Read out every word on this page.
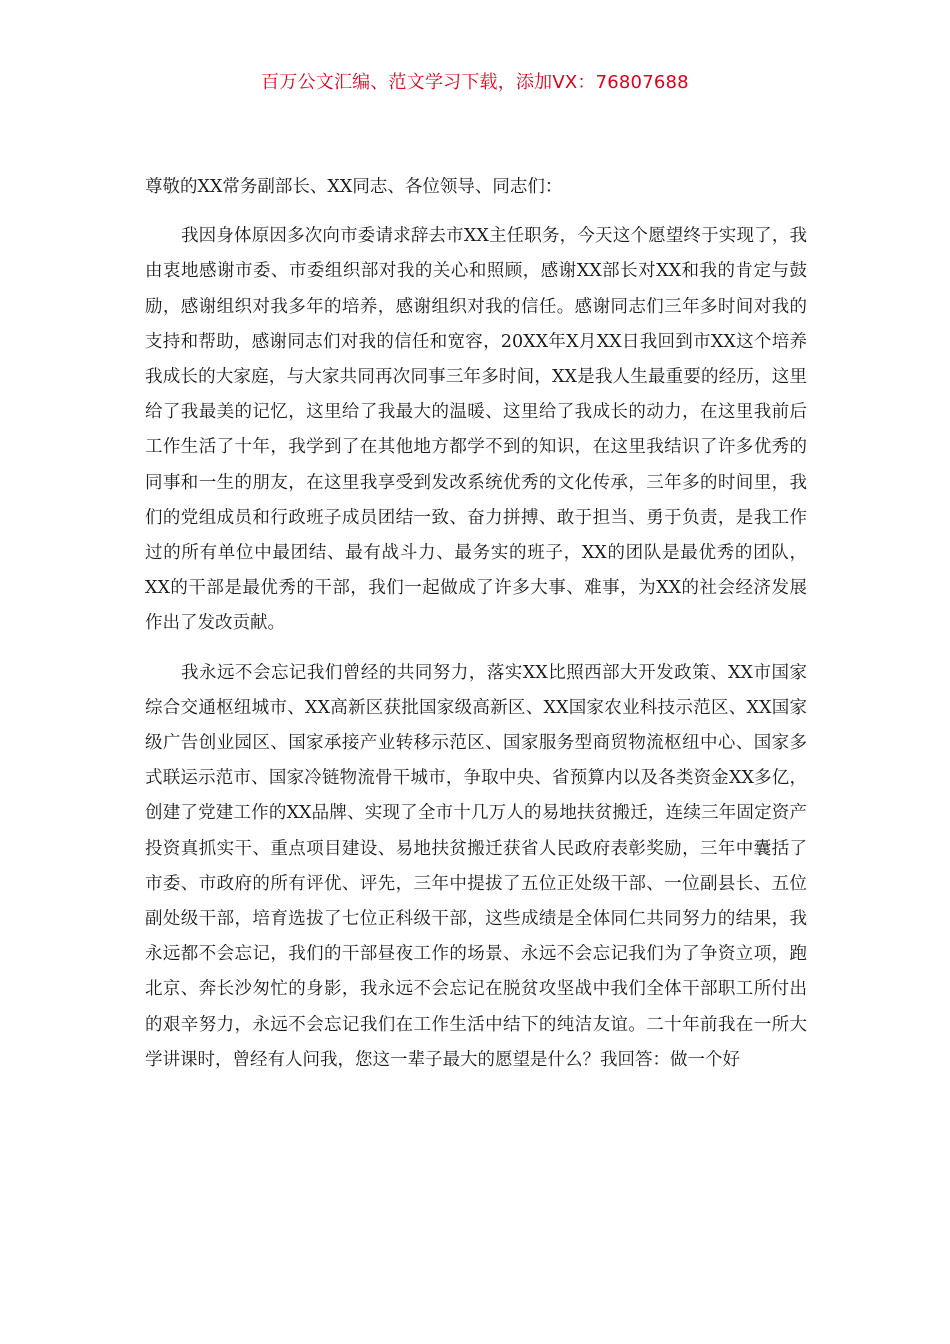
百万公文汇编、范文学习下载，添加VX：76807688

尊敬的XX常务副部长、XX同志、各位领导、同志们：

我因身体原因多次向市委请求辞去市XX主任职务，今天这个愿望终于实现了，我由衷地感谢市委、市委组织部对我的关心和照顾，感谢XX部长对XX和我的肯定与鼓励，感谢组织对我多年的培养，感谢组织对我的信任。感谢同志们三年多时间对我的支持和帮助，感谢同志们对我的信任和宽容，20XX年X月XX日我回到市XX这个培养我成长的大家庭，与大家共同再次同事三年多时间，XX是我人生最重要的经历，这里给了我最美的记忆，这里给了我最大的温暖、这里给了我成长的动力，在这里我前后工作生活了十年，我学到了在其他地方都学不到的知识，在这里我结识了许多优秀的同事和一生的朋友，在这里我享受到发改系统优秀的文化传承，三年多的时间里，我们的党组成员和行政班子成员团结一致、奋力拼搏、敢于担当、勇于负责，是我工作过的所有单位中最团结、最有战斗力、最务实的班子，XX的团队是最优秀的团队，XX的干部是最优秀的干部，我们一起做成了许多大事、难事，为XX的社会经济发展作出了发改贡献。

我永远不会忘记我们曾经的共同努力，落实XX比照西部大开发政策、XX市国家综合交通枢纽城市、XX高新区获批国家级高新区、XX国家农业科技示范区、XX国家级广告创业园区、国家承接产业转移示范区、国家服务型商贸物流枢纽中心、国家多式联运示范市、国家冷链物流骨干城市，争取中央、省预算内以及各类资金XX多亿，创建了党建工作的XX品牌、实现了全市十几万人的易地扶贫搬迁，连续三年固定资产投资真抓实干、重点项目建设、易地扶贫搬迁获省人民政府表彰奖励，三年中囊括了市委、市政府的所有评优、评先，三年中提拔了五位正处级干部、一位副县长、五位副处级干部，培育选拔了七位正科级干部，这些成绩是全体同仁共同努力的结果，我永远都不会忘记，我们的干部昼夜工作的场景、永远不会忘记我们为了争资立项，跑北京、奔长沙匆忙的身影，我永远不会忘记在脱贫攻坚战中我们全体干部职工所付出的艰辛努力，永远不会忘记我们在工作生活中结下的纯洁友谊。二十年前我在一所大学讲课时，曾经有人问我，您这一辈子最大的愿望是什么？我回答：做一个好
